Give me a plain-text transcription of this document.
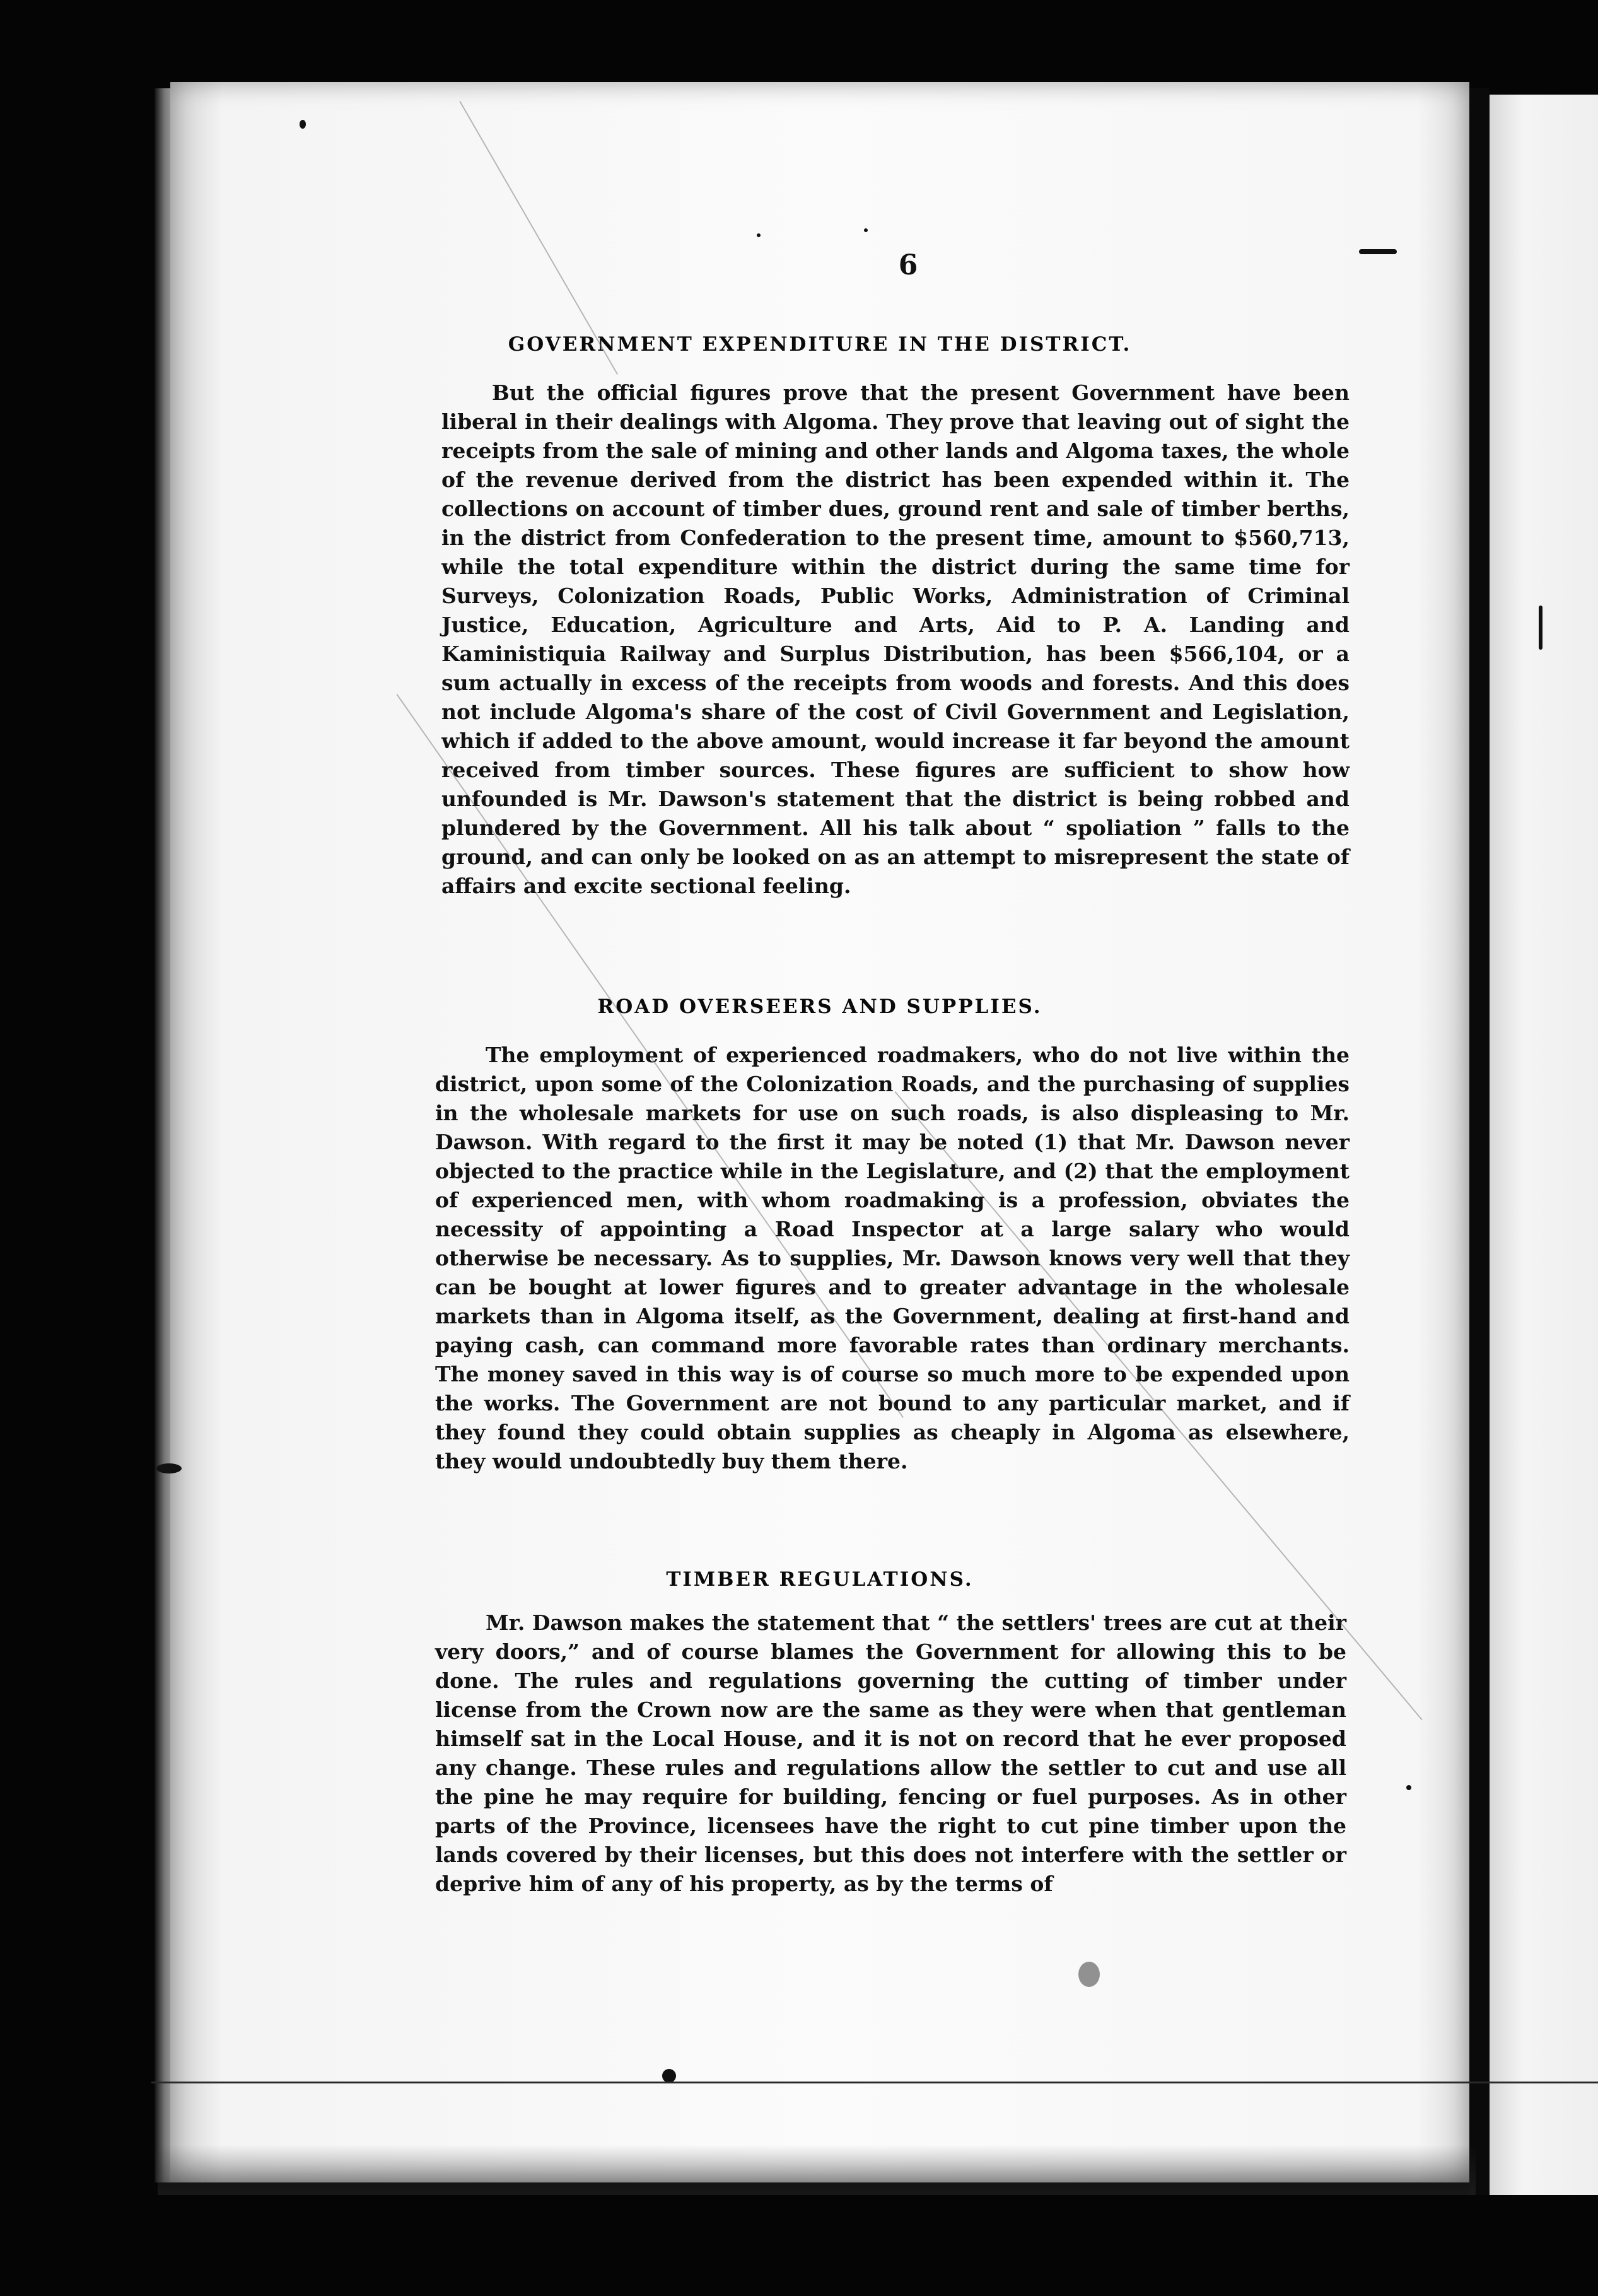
6
GOVERNMENT EXPENDITURE IN THE DISTRICT.
But the official figures prove that the present Government have been liberal in their dealings with Algoma. They prove that leaving out of sight the receipts from the sale of mining and other lands and Algoma taxes, the whole of the revenue derived from the district has been expended within it. The collections on account of timber dues, ground rent and sale of timber berths, in the district from Confederation to the present time, amount to $560,713, while the total expenditure within the district during the same time for Surveys, Colonization Roads, Public Works, Administration of Criminal Justice, Education, Agriculture and Arts, Aid to P. A. Landing and Kaministiquia Railway and Surplus Distribution, has been $566,104, or a sum actually in excess of the receipts from woods and forests. And this does not include Algoma's share of the cost of Civil Government and Legislation, which if added to the above amount, would increase it far beyond the amount received from timber sources. These figures are sufficient to show how unfounded is Mr. Dawson's statement that the district is being robbed and plundered by the Government. All his talk about “ spoliation ” falls to the ground, and can only be looked on as an attempt to misrepresent the state of affairs and excite sectional feeling.
ROAD OVERSEERS AND SUPPLIES.
The employment of experienced roadmakers, who do not live within the district, upon some of the Colonization Roads, and the purchasing of supplies in the wholesale markets for use on such roads, is also displeasing to Mr. Dawson. With regard to the first it may be noted (1) that Mr. Dawson never objected to the practice while in the Legislature, and (2) that the employment of experienced men, with whom roadmaking is a profession, obviates the necessity of appointing a Road Inspector at a large salary who would otherwise be necessary. As to supplies, Mr. Dawson knows very well that they can be bought at lower figures and to greater advantage in the wholesale markets than in Algoma itself, as the Government, dealing at first-hand and paying cash, can command more favorable rates than ordinary merchants. The money saved in this way is of course so much more to be expended upon the works. The Government are not bound to any particular market, and if they found they could obtain supplies as cheaply in Algoma as elsewhere, they would undoubtedly buy them there.
TIMBER REGULATIONS.
Mr. Dawson makes the statement that “ the settlers' trees are cut at their very doors,” and of course blames the Government for allowing this to be done. The rules and regulations governing the cutting of timber under license from the Crown now are the same as they were when that gentleman himself sat in the Local House, and it is not on record that he ever proposed any change. These rules and regulations allow the settler to cut and use all the pine he may require for building, fencing or fuel purposes. As in other parts of the Province, licensees have the right to cut pine timber upon the lands covered by their licenses, but this does not interfere with the settler or deprive him of any of his property, as by the terms of
